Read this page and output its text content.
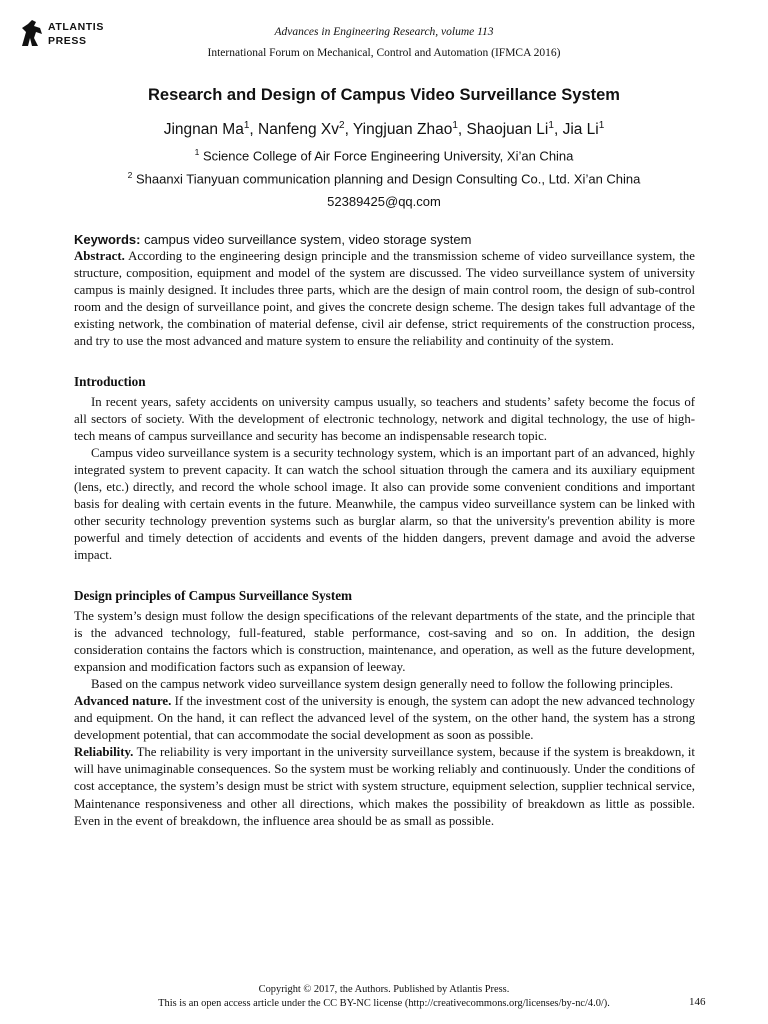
ATLANTIS
PRESS
Advances in Engineering Research, volume 113
International Forum on Mechanical, Control and Automation (IFMCA 2016)
Research and Design of Campus Video Surveillance System
Jingnan Ma$^1$, Nanfeng Xv$^2$, Yingjuan Zhao$^1$, Shaojuan Li$^1$, Jia Li$^1$
$^1$ Science College of Air Force Engineering University, Xi’an China
$^2$ Shaanxi Tianyuan communication planning and Design Consulting Co., Ltd. Xi’an China
52389425@qq.com

Keywords: campus video surveillance system, video storage system

Abstract. According to the engineering design principle and the transmission scheme of video surveillance system, the structure, composition, equipment and model of the system are discussed. The video surveillance system of university campus is mainly designed. It includes three parts, which are the design of main control room, the design of sub-control room and the design of surveillance point, and gives the concrete design scheme. The design takes full advantage of the existing network, the combination of material defense, civil air defense, strict requirements of the construction process, and try to use the most advanced and mature system to ensure the reliability and continuity of the system.

Introduction

In recent years, safety accidents on university campus usually, so teachers and students’ safety become the focus of all sectors of society. With the development of electronic technology, network and digital technology, the use of high-tech means of campus surveillance and security has become an indispensable research topic.

Campus video surveillance system is a security technology system, which is an important part of an advanced, highly integrated system to prevent capacity. It can watch the school situation through the camera and its auxiliary equipment (lens, etc.) directly, and record the whole school image. It also can provide some convenient conditions and important basis for dealing with certain events in the future. Meanwhile, the campus video surveillance system can be linked with other security technology prevention systems such as burglar alarm, so that the university's prevention ability is more powerful and timely detection of accidents and events of the hidden dangers, prevent damage and avoid the adverse impact.

Design principles of Campus Surveillance System

The system’s design must follow the design specifications of the relevant departments of the state, and the principle that is the advanced technology, full-featured, stable performance, cost-saving and so on. In addition, the design consideration contains the factors which is construction, maintenance, and operation, as well as the future development, expansion and modification factors such as expansion of leeway.

Based on the campus network video surveillance system design generally need to follow the following principles.

Advanced nature. If the investment cost of the university is enough, the system can adopt the new advanced technology and equipment. On the hand, it can reflect the advanced level of the system, on the other hand, the system has a strong development potential, that can accommodate the social development as soon as possible.

Reliability. The reliability is very important in the university surveillance system, because if the system is breakdown, it will have unimaginable consequences. So the system must be working reliably and continuously. Under the conditions of cost acceptance, the system’s design must be strict with system structure, equipment selection, supplier technical service, Maintenance responsiveness and other all directions, which makes the possibility of breakdown as little as possible. Even in the event of breakdown, the influence area should be as small as possible.

Copyright © 2017, the Authors. Published by Atlantis Press.
This is an open access article under the CC BY-NC license (http://creativecommons.org/licenses/by-nc/4.0/).	146
